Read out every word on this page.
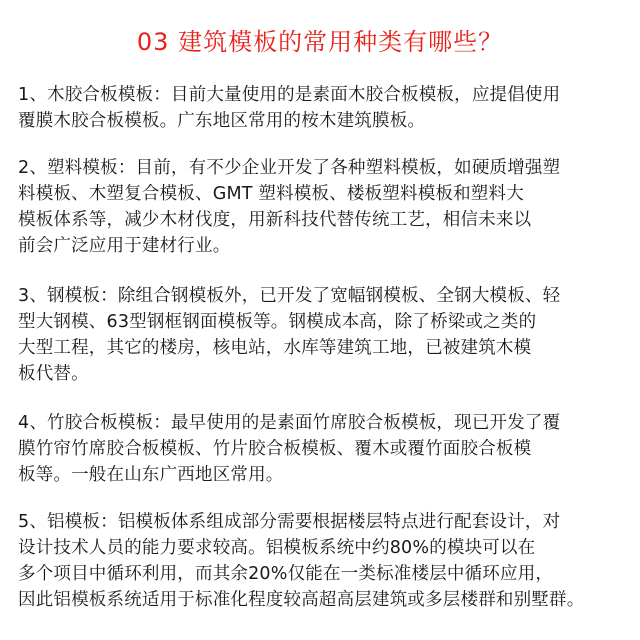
03 建筑模板的常用种类有哪些？
1、木胶合板模板：目前大量使用的是素面木胶合板模板，应提倡使用
覆膜木胶合板模板。广东地区常用的桉木建筑膜板。
2、塑料模板：目前，有不少企业开发了各种塑料模板，如硬质增强塑
料模板、木塑复合模板、GMT 塑料模板、楼板塑料模板和塑料大
模板体系等，减少木材伐度，用新科技代替传统工艺，相信未来以
前会广泛应用于建材行业。
3、钢模板：除组合钢模板外，已开发了宽幅钢模板、全钢大模板、轻
型大钢模、63型钢框钢面模板等。钢模成本高，除了桥梁或之类的
大型工程，其它的楼房，核电站，水库等建筑工地，已被建筑木模
板代替。
4、竹胶合板模板：最早使用的是素面竹席胶合板模板，现已开发了覆
膜竹帘竹席胶合板模板、竹片胶合板模板、覆木或覆竹面胶合板模
板等。一般在山东广西地区常用。
5、铝模板：铝模板体系组成部分需要根据楼层特点进行配套设计，对
设计技术人员的能力要求较高。铝模板系统中约80%的模块可以在
多个项目中循环利用，而其余20%仅能在一类标准楼层中循环应用，
因此铝模板系统适用于标准化程度较高超高层建筑或多层楼群和别墅群。
